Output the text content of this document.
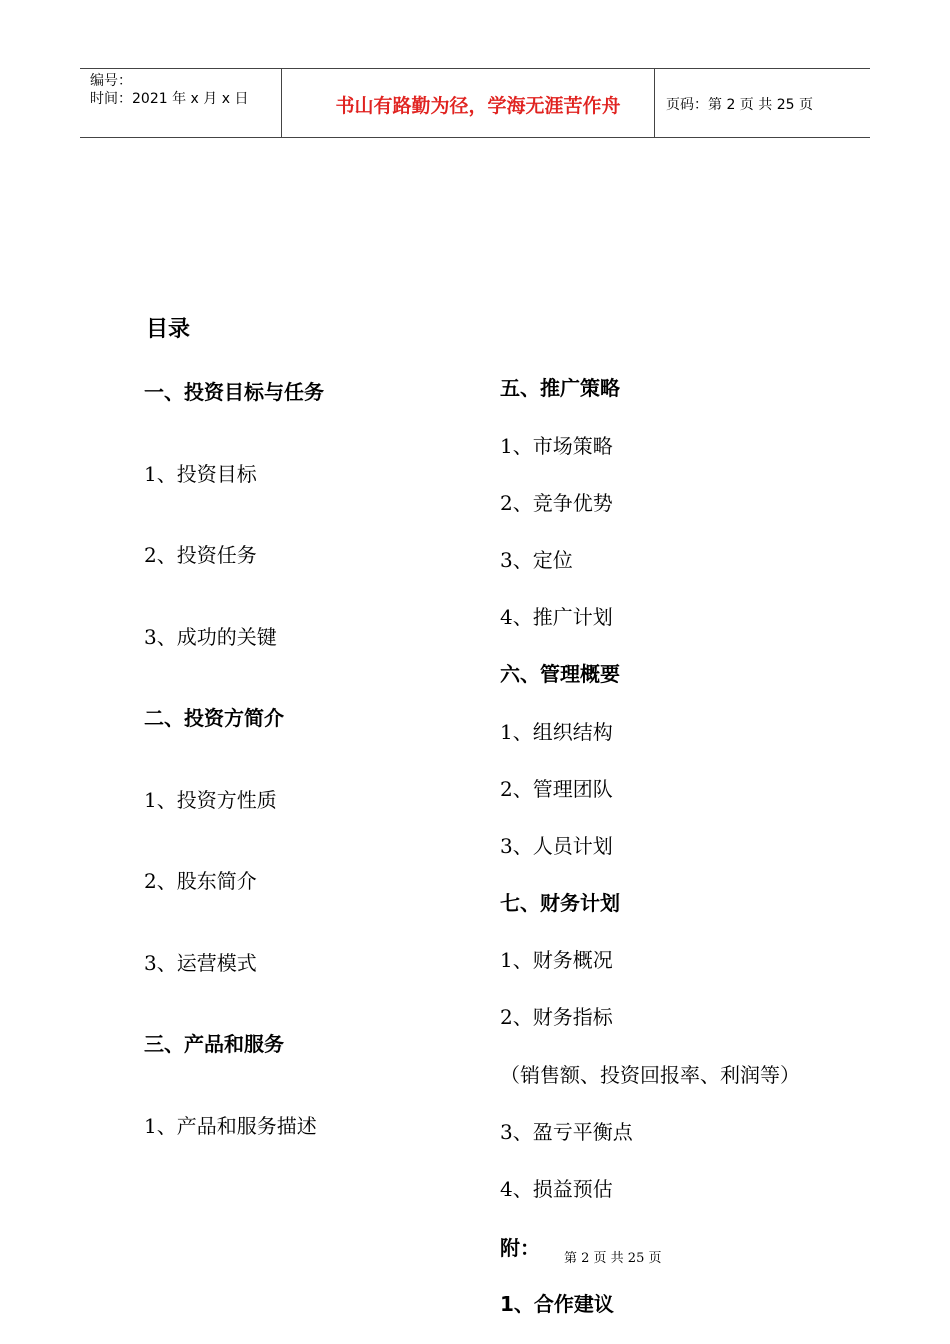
编号：
时间：2021 年 x 月 x 日	书山有路勤为径，学海无涯苦作舟	页码：第 2 页 共 25 页
目录
一、投资目标与任务
1、投资目标
2、投资任务
3、成功的关键
二、投资方简介
1、投资方性质
2、股东简介
3、运营模式
三、产品和服务
1、产品和服务描述
五、推广策略
1、市场策略
2、竞争优势
3、定位
4、推广计划
六、管理概要
1、组织结构
2、管理团队
3、人员计划
七、财务计划
1、财务概况
2、财务指标
（销售额、投资回报率、利润等）
3、盈亏平衡点
4、损益预估
附：
1、合作建议
第 2 页 共 25 页
